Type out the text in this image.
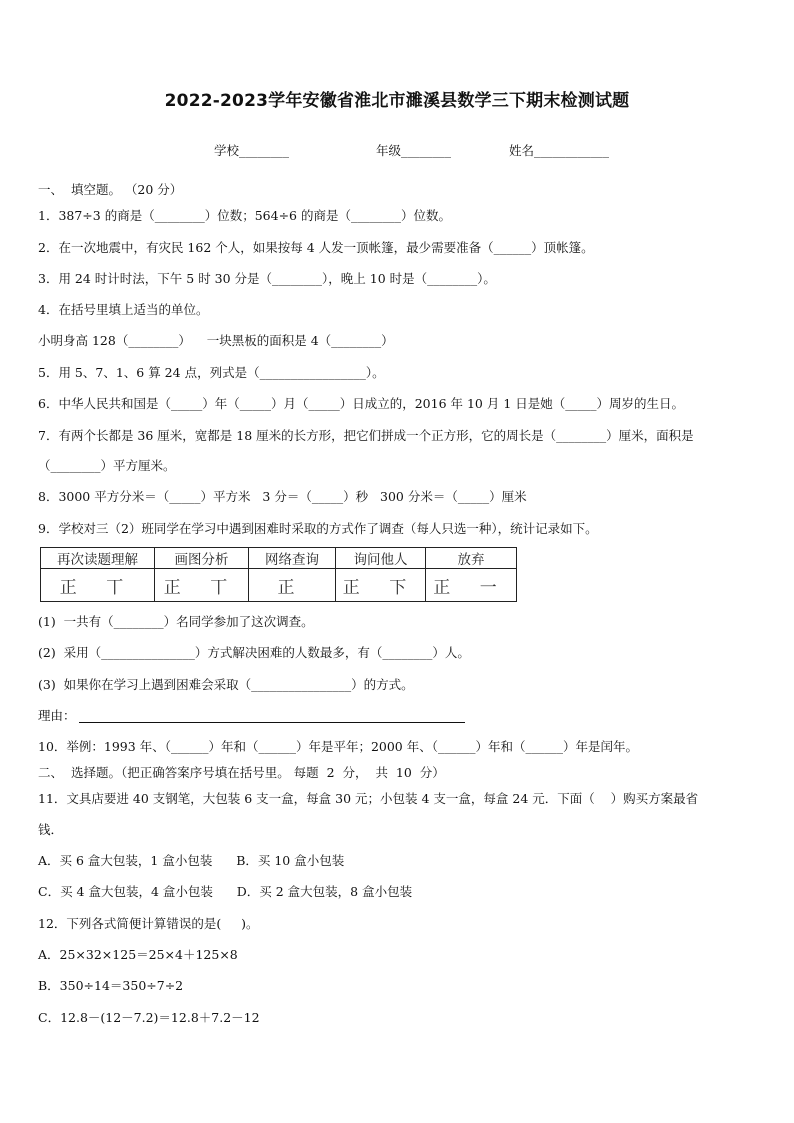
2022-2023学年安徽省淮北市濉溪县数学三下期末检测试题
学校________	年级________	姓名____________
一、  填空题。 （20 分）
1．387÷3 的商是（________）位数；564÷6 的商是（________）位数。
2．在一次地震中，有灾民 162 个人，如果按每 4 人发一顶帐篷，最少需要准备（______）顶帐篷。
3．用 24 时计时法，下午 5 时 30 分是（________），晚上 10 时是（________）。
4．在括号里填上适当的单位。
小明身高 128（________）    一块黑板的面积是 4（________）
5．用 5、7、1、6 算 24 点，列式是（_________________）。
6．中华人民共和国是（_____）年（_____）月（_____）日成立的，2016 年 10 月 1 日是她（_____）周岁的生日。
7．有两个长都是 36 厘米，宽都是 18 厘米的长方形，把它们拼成一个正方形，它的周长是（________）厘米，面积是
（________）平方厘米。
8．3000 平方分米＝（_____）平方米   3 分＝（_____）秒   300 分米＝（_____）厘米
9．学校对三（2）班同学在学习中遇到困难时采取的方式作了调查（每人只选一种），统计记录如下。
再次读题理解	画图分析	网络查询	询问他人	放弃
正 丅	正 丅	正	正 下	正 一
(1)  一共有（________）名同学参加了这次调查。
(2)  采用（_______________）方式解决困难的人数最多，有（________）人。
(3)  如果你在学习上遇到困难会采取（________________）的方式。
理由：
10．举例：1993 年、（______）年和（______）年是平年；2000 年、（______）年和（______）年是闰年。
二、  选择题。（把正确答案序号填在括号里。 每题  2  分，  共  10  分）
11．文具店要进 40 支钢笔，大包装 6 支一盒，每盒 30 元；小包装 4 支一盒，每盒 24 元．下面（    ）购买方案最省
钱．
A．买 6 盒大包装，1 盒小包装      B．买 10 盒小包装
C．买 4 盒大包装，4 盒小包装      D．买 2 盒大包装，8 盒小包装
12．下列各式简便计算错误的是(     )。
A．25×32×125＝25×4＋125×8
B．350÷14＝350÷7÷2
C．12.8－(12－7.2)＝12.8＋7.2－12
